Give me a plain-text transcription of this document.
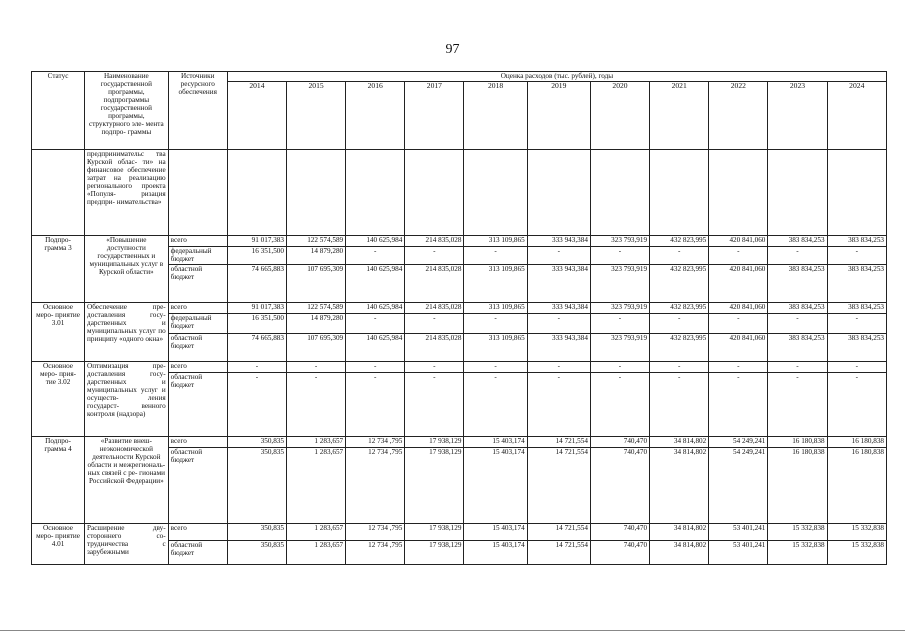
97
Статус	Наименование государственной программы, подпрограммы государственной программы, структурного эле- мента подпро- граммы	Источники ресурсного обеспечения	Оценка расходов (тыс. рублей), годы										
			2014	2015	2016	2017	2018	2019	2020	2021	2022	2023	2024
	предпринимательс тва Курской облас- ти» на финансовое обеспечение затрат на реализацию регионального проекта «Популя- ризация предпри- нимательства»												
Подпро- грамма 3	«Повышение доступности государственных и муниципальных услуг в Курской области»	всего	91 017,383	122 574,589	140 625,984	214 835,028	313 109,865	333 943,384	323 793,919	432 823,995	420 841,060	383 834,253	383 834,253
		федеральный бюджет	16 351,500	14 879,280	-	-	-	-	-	-	-	-	-
		областной бюджет	74 665,883	107 695,309	140 625,984	214 835,028	313 109,865	333 943,384	323 793,919	432 823,995	420 841,060	383 834,253	383 834,253
Основное меро- приятие 3.01	Обеспечение пре- доставления госу- дарственных и муниципальных услуг по принципу «одного окна»	всего	91 017,383	122 574,589	140 625,984	214 835,028	313 109,865	333 943,384	323 793,919	432 823,995	420 841,060	383 834,253	383 834,253
		федеральный бюджет	16 351,500	14 879,280	-	-	-	-	-	-	-	-	-
		областной бюджет	74 665,883	107 695,309	140 625,984	214 835,028	313 109,865	333 943,384	323 793,919	432 823,995	420 841,060	383 834,253	383 834,253
Основное меро- прия- тие 3.02	Оптимизация пре- доставления госу- дарственных и муниципальных услуг и осуществ- ления государст- венного контроля (надзора)	всего	-	-	-	-	-	-	-	-	-	-	-
		областной бюджет	-	-	-	-	-	-	-	-	-	-	-
Подпро- грамма 4	«Развитие внеш- неэкономической деятельности Курской области и межрегиональ- ных связей с ре- гионами Российской Федерации»	всего	350,835	1 283,657	12 734 ,795	17 938,129	15 403,174	14 721,554	740,470	34 814,802	54 249,241	16 180,838	16 180,838
		областной бюджет	350,835	1 283,657	12 734 ,795	17 938,129	15 403,174	14 721,554	740,470	34 814,802	54 249,241	16 180,838	16 180,838
Основное меро- приятие 4.01	Расширение дву- стороннего со- трудничества с зарубежными	всего	350,835	1 283,657	12 734 ,795	17 938,129	15 403,174	14 721,554	740,470	34 814,802	53 401,241	15 332,838	15 332,838
		областной бюджет	350,835	1 283,657	12 734 ,795	17 938,129	15 403,174	14 721,554	740,470	34 814,802	53 401,241	15 332,838	15 332,838
